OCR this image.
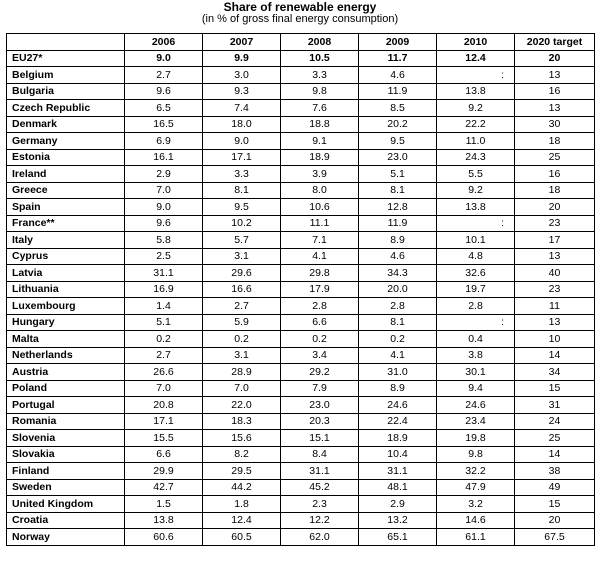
Share of renewable energy
(in % of gross final energy consumption)
	2006	2007	2008	2009	2010	2020 target
EU27*	9.0	9.9	10.5	11.7	12.4	20
Belgium	2.7	3.0	3.3	4.6	:	13
Bulgaria	9.6	9.3	9.8	11.9	13.8	16
Czech Republic	6.5	7.4	7.6	8.5	9.2	13
Denmark	16.5	18.0	18.8	20.2	22.2	30
Germany	6.9	9.0	9.1	9.5	11.0	18
Estonia	16.1	17.1	18.9	23.0	24.3	25
Ireland	2.9	3.3	3.9	5.1	5.5	16
Greece	7.0	8.1	8.0	8.1	9.2	18
Spain	9.0	9.5	10.6	12.8	13.8	20
France**	9.6	10.2	11.1	11.9	:	23
Italy	5.8	5.7	7.1	8.9	10.1	17
Cyprus	2.5	3.1	4.1	4.6	4.8	13
Latvia	31.1	29.6	29.8	34.3	32.6	40
Lithuania	16.9	16.6	17.9	20.0	19.7	23
Luxembourg	1.4	2.7	2.8	2.8	2.8	11
Hungary	5.1	5.9	6.6	8.1	:	13
Malta	0.2	0.2	0.2	0.2	0.4	10
Netherlands	2.7	3.1	3.4	4.1	3.8	14
Austria	26.6	28.9	29.2	31.0	30.1	34
Poland	7.0	7.0	7.9	8.9	9.4	15
Portugal	20.8	22.0	23.0	24.6	24.6	31
Romania	17.1	18.3	20.3	22.4	23.4	24
Slovenia	15.5	15.6	15.1	18.9	19.8	25
Slovakia	6.6	8.2	8.4	10.4	9.8	14
Finland	29.9	29.5	31.1	31.1	32.2	38
Sweden	42.7	44.2	45.2	48.1	47.9	49
United Kingdom	1.5	1.8	2.3	2.9	3.2	15
Croatia	13.8	12.4	12.2	13.2	14.6	20
Norway	60.6	60.5	62.0	65.1	61.1	67.5
